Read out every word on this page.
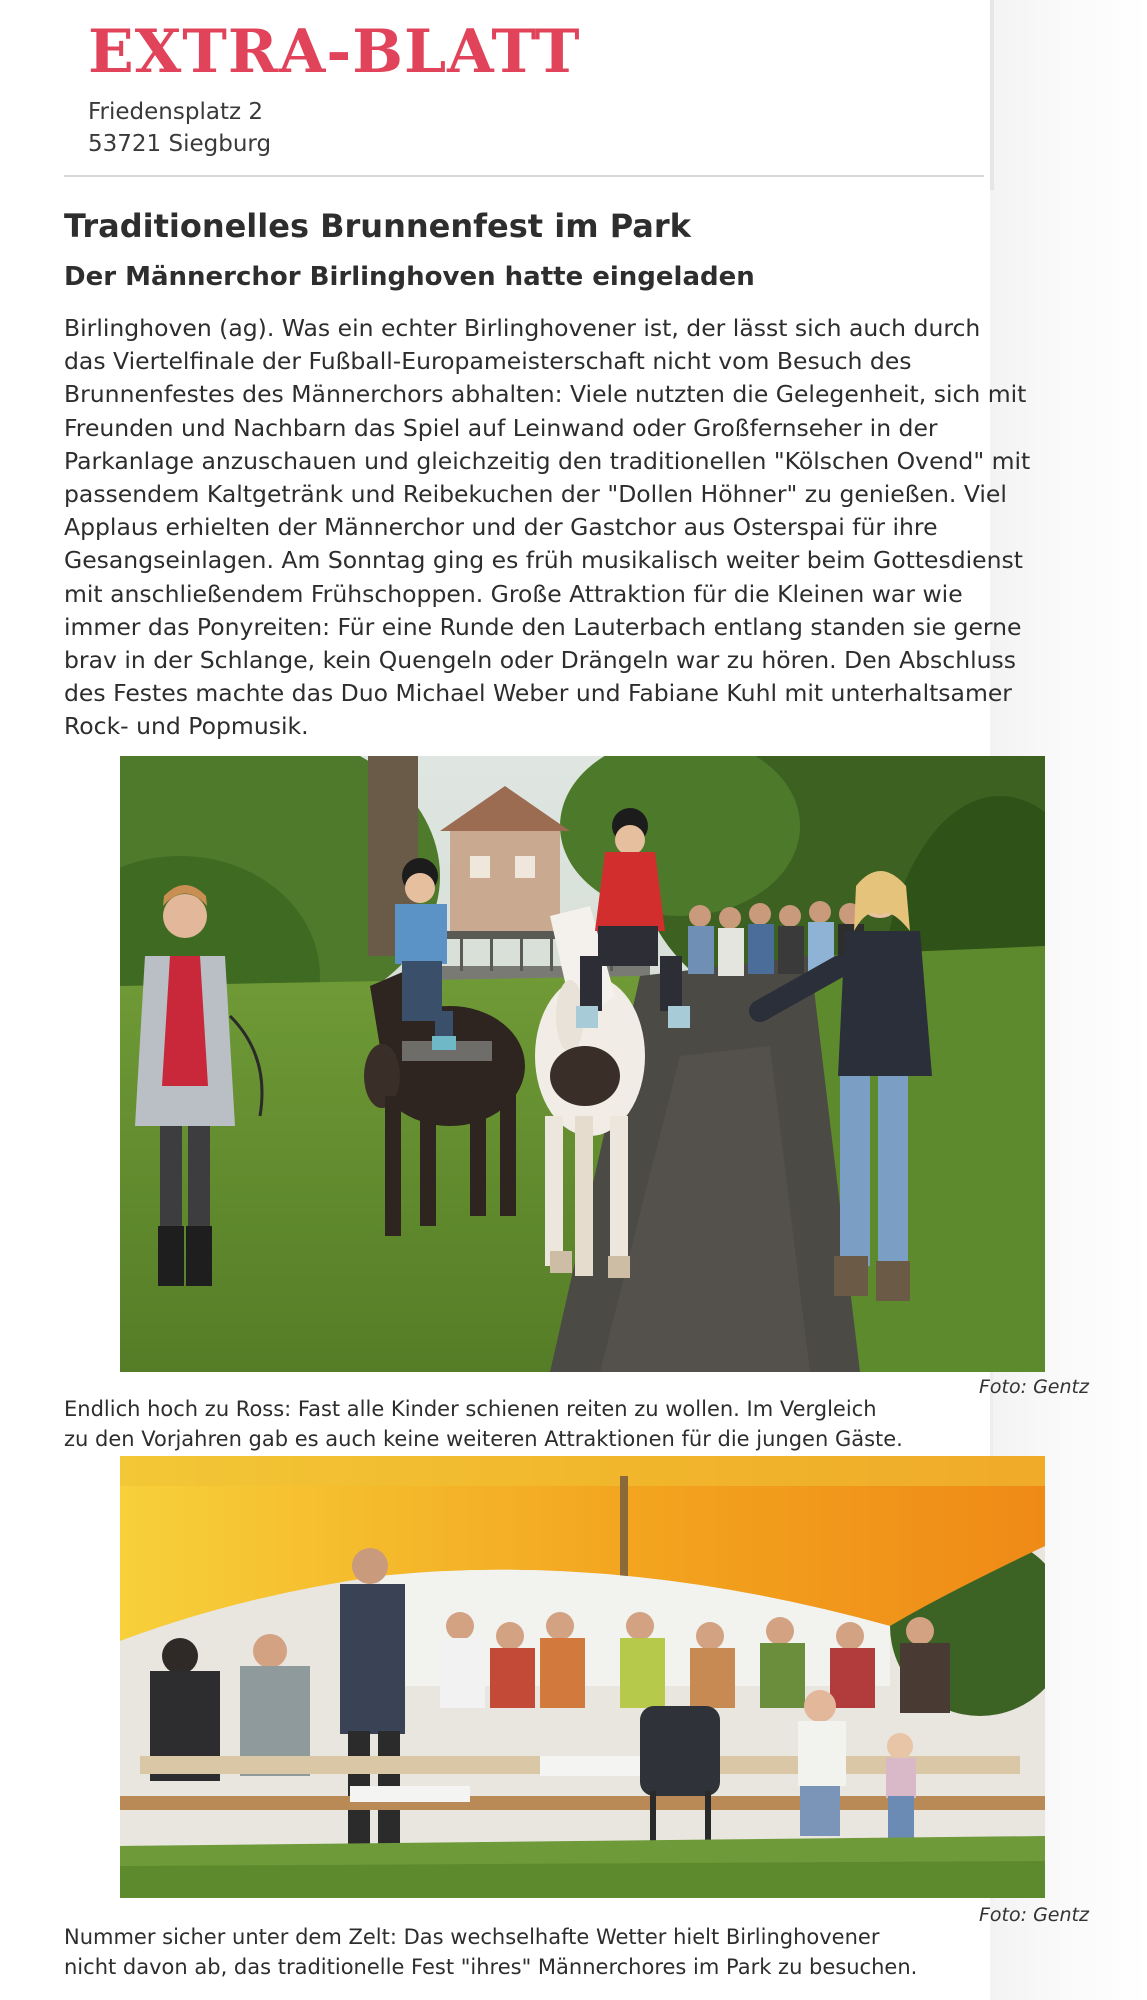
EXTRA-BLATT
Friedensplatz 2
53721 Siegburg
Traditionelles Brunnenfest im Park
Der Männerchor Birlinghoven hatte eingeladen
Birlinghoven (ag). Was ein echter Birlinghovener ist, der lässt sich auch durch
das Viertelfinale der Fußball-Europameisterschaft nicht vom Besuch des
Brunnenfestes des Männerchors abhalten: Viele nutzten die Gelegenheit, sich mit
Freunden und Nachbarn das Spiel auf Leinwand oder Großfernseher in der
Parkanlage anzuschauen und gleichzeitig den traditionellen "Kölschen Ovend" mit
passendem Kaltgetränk und Reibekuchen der "Dollen Höhner" zu genießen. Viel
Applaus erhielten der Männerchor und der Gastchor aus Osterspai für ihre
Gesangseinlagen. Am Sonntag ging es früh musikalisch weiter beim Gottesdienst
mit anschließendem Frühschoppen. Große Attraktion für die Kleinen war wie
immer das Ponyreiten: Für eine Runde den Lauterbach entlang standen sie gerne
brav in der Schlange, kein Quengeln oder Drängeln war zu hören. Den Abschluss
des Festes machte das Duo Michael Weber und Fabiane Kuhl mit unterhaltsamer
Rock- und Popmusik.
Foto: Gentz
Endlich hoch zu Ross: Fast alle Kinder schienen reiten zu wollen. Im Vergleich
zu den Vorjahren gab es auch keine weiteren Attraktionen für die jungen Gäste.
Foto: Gentz
Nummer sicher unter dem Zelt: Das wechselhafte Wetter hielt Birlinghovener
nicht davon ab, das traditionelle Fest "ihres" Männerchores im Park zu besuchen.
